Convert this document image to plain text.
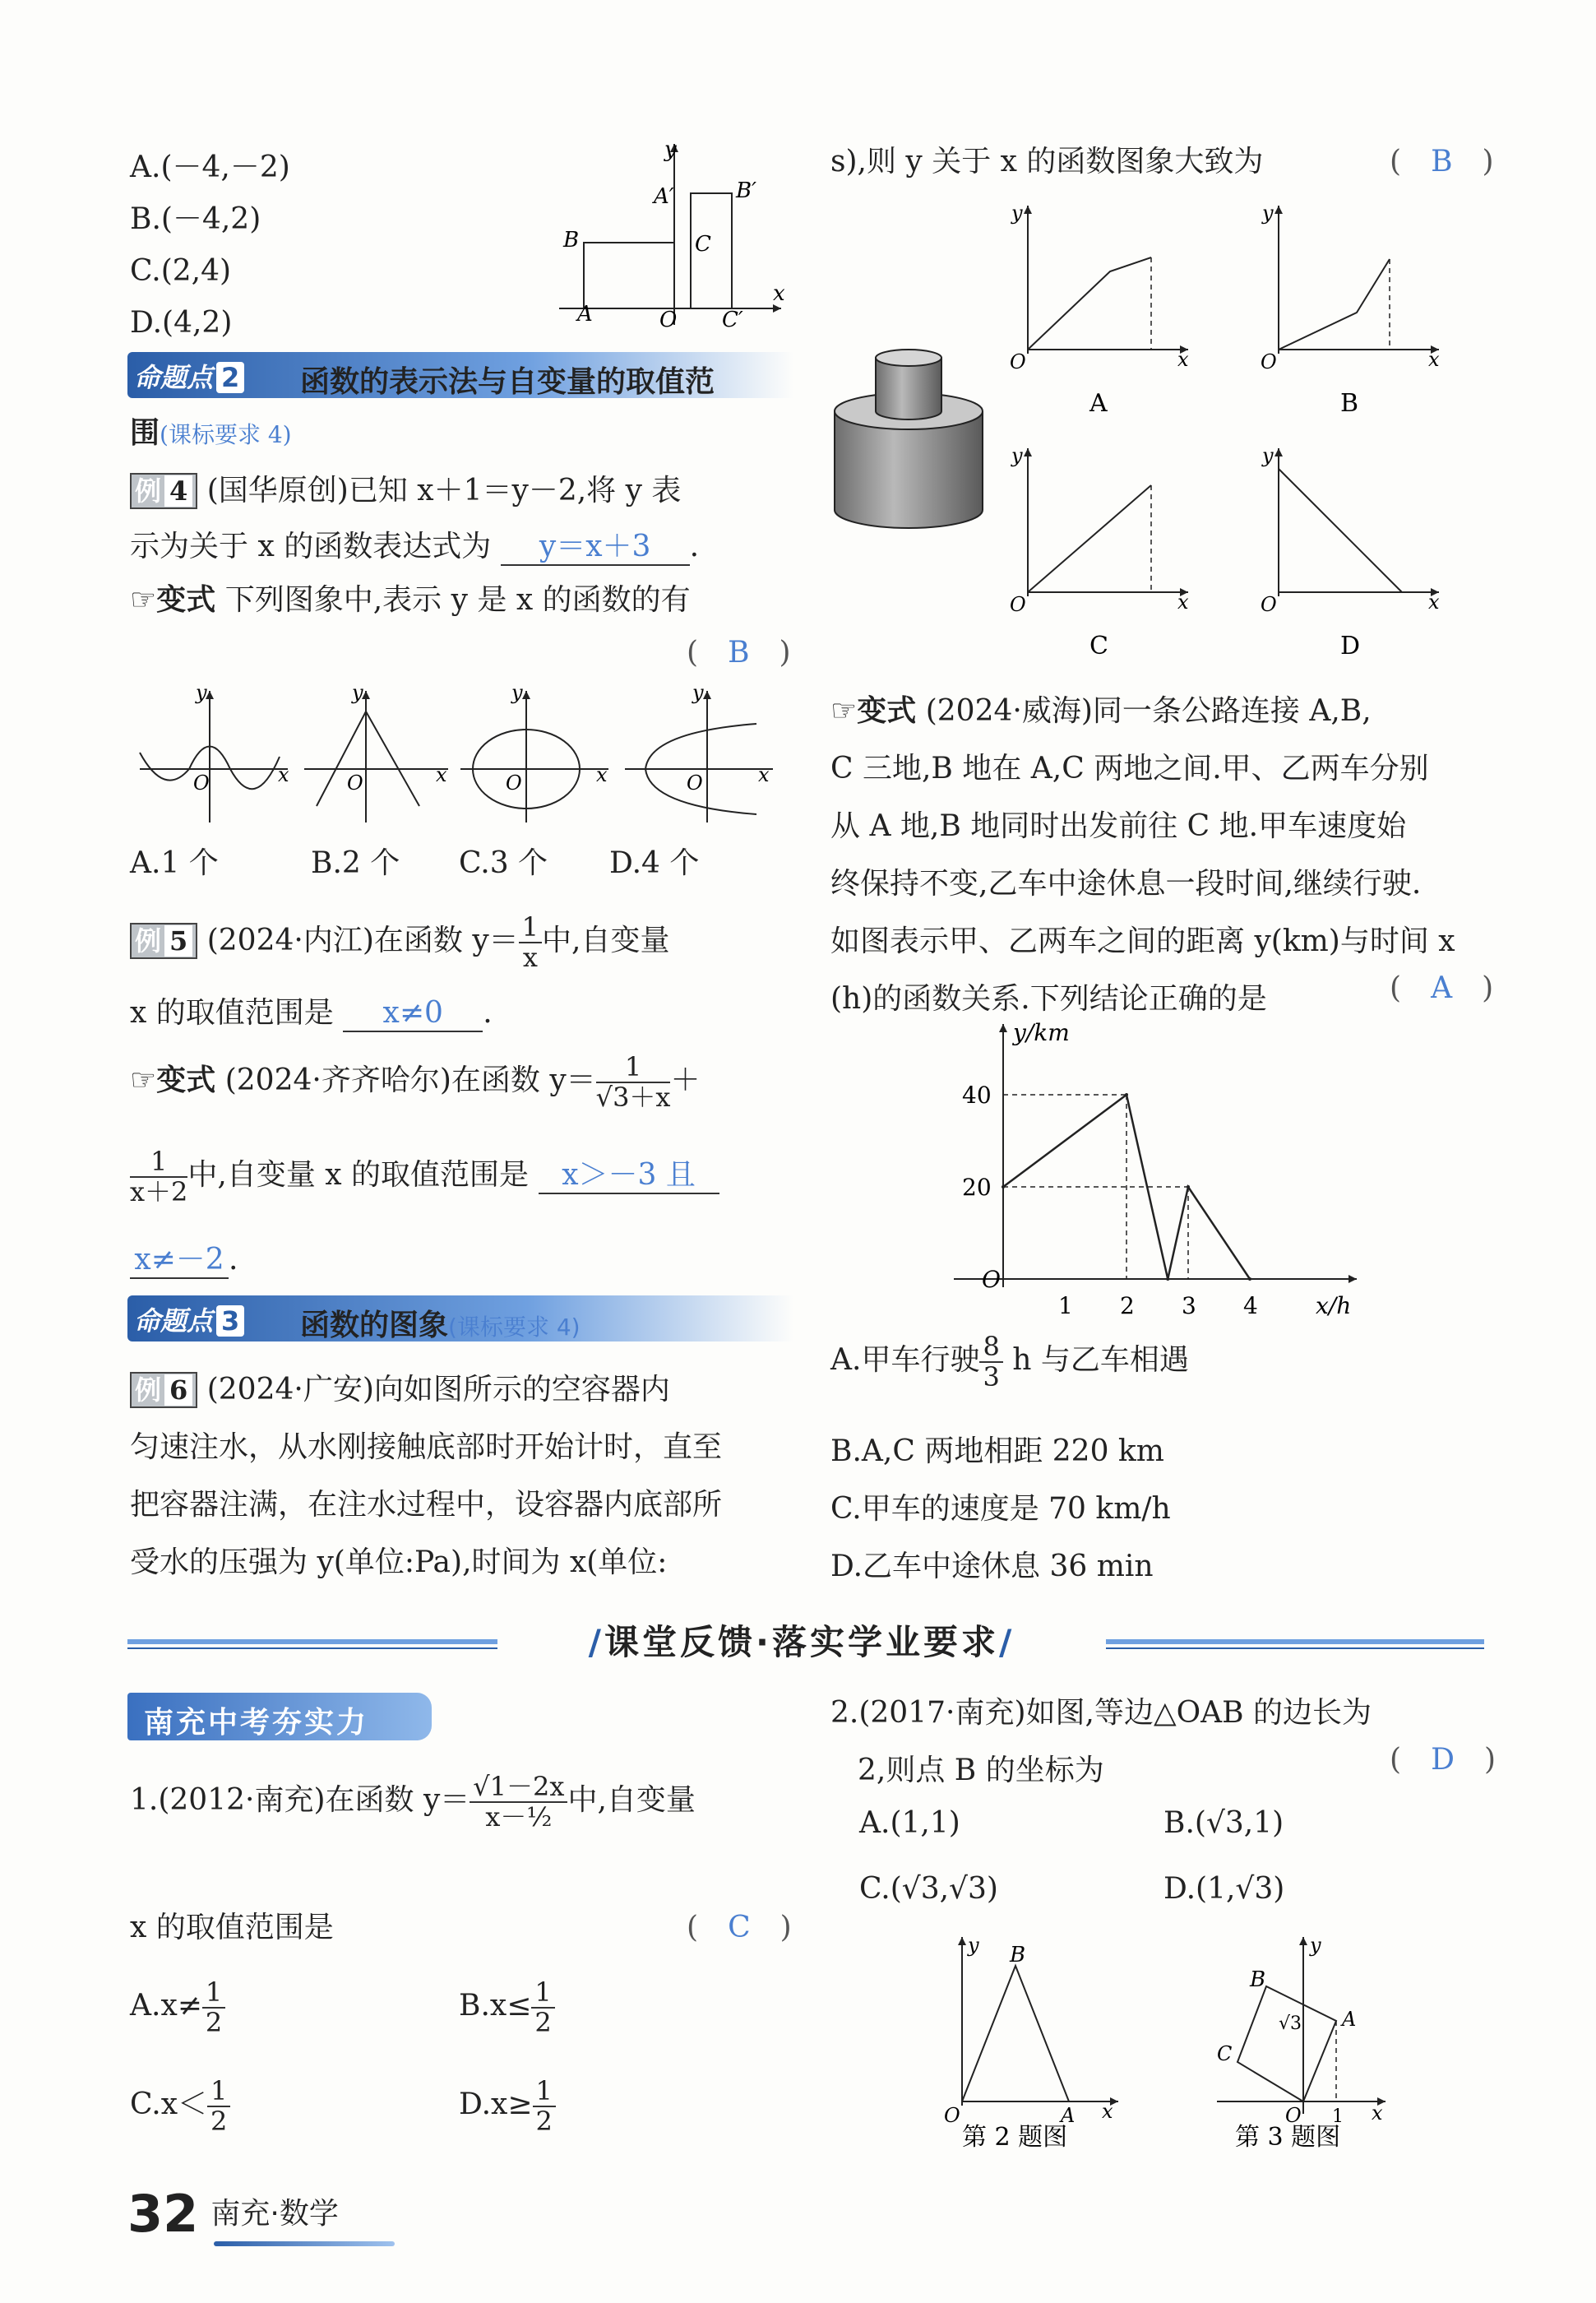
A.(－4,－2)
B.(－4,2)
C.(2,4)
D.(4,2)
y
A′	B′
B	C
A	O C′
x
命题点 2 函数的表示法与自变量的取值范
围(课标要求 4)
例 4 (国华原创)已知 x＋1＝y－2,将 y 表
示为关于 x 的函数表达式为 y＝x＋3 .
☞变式 下列图象中,表示 y 是 x 的函数的有
(　 B　 )
y
O	x
y
O	x
y
O	x
y
O	x
A.1 个	B.2 个 C.3 个 D.4 个
例 5 (2024·内江)在函数 $y= \frac{1}{x}$ 中,自变量
x 的取值范围是 x≠0 .
☞变式 (2024·齐齐哈尔)在函数 $y= \frac{1}{√3+x}$ ＋
$\frac{1}{x+2}$ 中,自变量 x 的取值范围是 x＞－3 且
x≠－2 .
命题点 3 函数的图象(课标要求 4)
例 6 (2024·广安)向如图所示的空容器内
匀速注水，从水刚接触底部时开始计时，直至
把容器注满，在注水过程中，设容器内底部所
受水的压强为 y(单位:Pa),时间为 x(单位:
s),则 y 关于 x 的函数图象大致为	(　 B　 )
y
O	x
A
y
O	x
B
y
O	x
C
y
O	x
D
☞变式 (2024·威海)同一条公路连接 A,B,
C 三地,B 地在 A,C 两地之间.甲、乙两车分别
从 A 地,B 地同时出发前往 C 地.甲车速度始
终保持不变,乙车中途休息一段时间,继续行驶.
如图表示甲、乙两车之间的距离 y(km)与时间 x
(h)的函数关系.下列结论正确的是	(　 A　 )
y/km
x/h
O
40
20
1 2 3 4
A.甲车行驶 $\frac{8}{3}$ h 与乙车相遇
B.A,C 两地相距 220 km
C.甲车的速度是 70 km/h
D.乙车中途休息 36 min
/课堂反馈·落实学业要求/
南充中考夯实力
1.(2012·南充)在函数 $y= \frac{√1-2x}{\text{x－½}}$ 中,自变量
x 的取值范围是	(　 C　 )
$A.x\ne \frac{1}{2}$	$B.x\le \frac{1}{2}$
$C.x< \frac{1}{2}$	$D.x\ge \frac{1}{2}$
2.(2017·南充)如图,等边△OAB 的边长为
2,则点 B 的坐标为	(　 D　 )
A.(1,1)	B.(√3,1)
C.(√3,√3)	D.(1,√3)
y B
O	A x
第 2 题图
y
B
A
C
√3
O 1 x
第 3 题图
32 南充·数学
